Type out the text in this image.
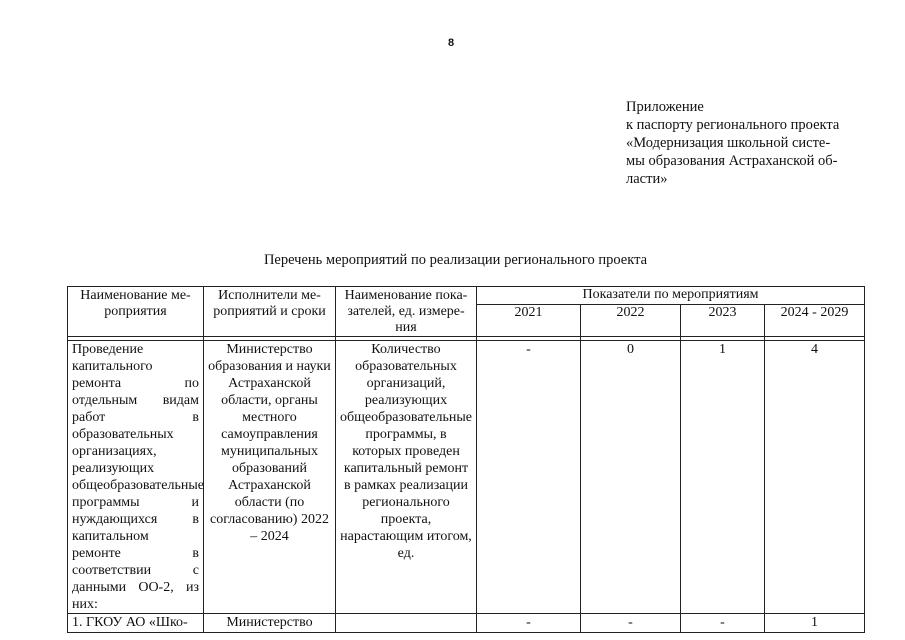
8
Приложение
к паспорту регионального проекта
«Модернизация школьной систе-
мы образования Астраханской об-
ласти»
Перечень мероприятий по реализации регионального проекта
Наименование ме-роприятия	Исполнители ме-роприятий и сроки	Наименование пока-зателей, ед. измере-ния	Показатели по мероприятиям			
			2021	2022	2023	2024 - 2029

Проведение капитального ремонта по отдельным видам работ в образовательных организациях, реализующих общеобразовательные программы и нуждающихся в капитальном ремонте в соответствии с данными ОО-2, из них:	Министерство образования и науки Астраханской области, органы местного самоуправления муниципальных образований Астраханской области (по согласованию) 2022 – 2024	Количество образовательных организаций, реализующих общеобразовательные программы, в которых проведен капитальный ремонт в рамках реализации регионального проекта, нарастающим итогом, ед.	-	0	1	4
1. ГКОУ АО «Шко-	Министерство		-	-	-	1
